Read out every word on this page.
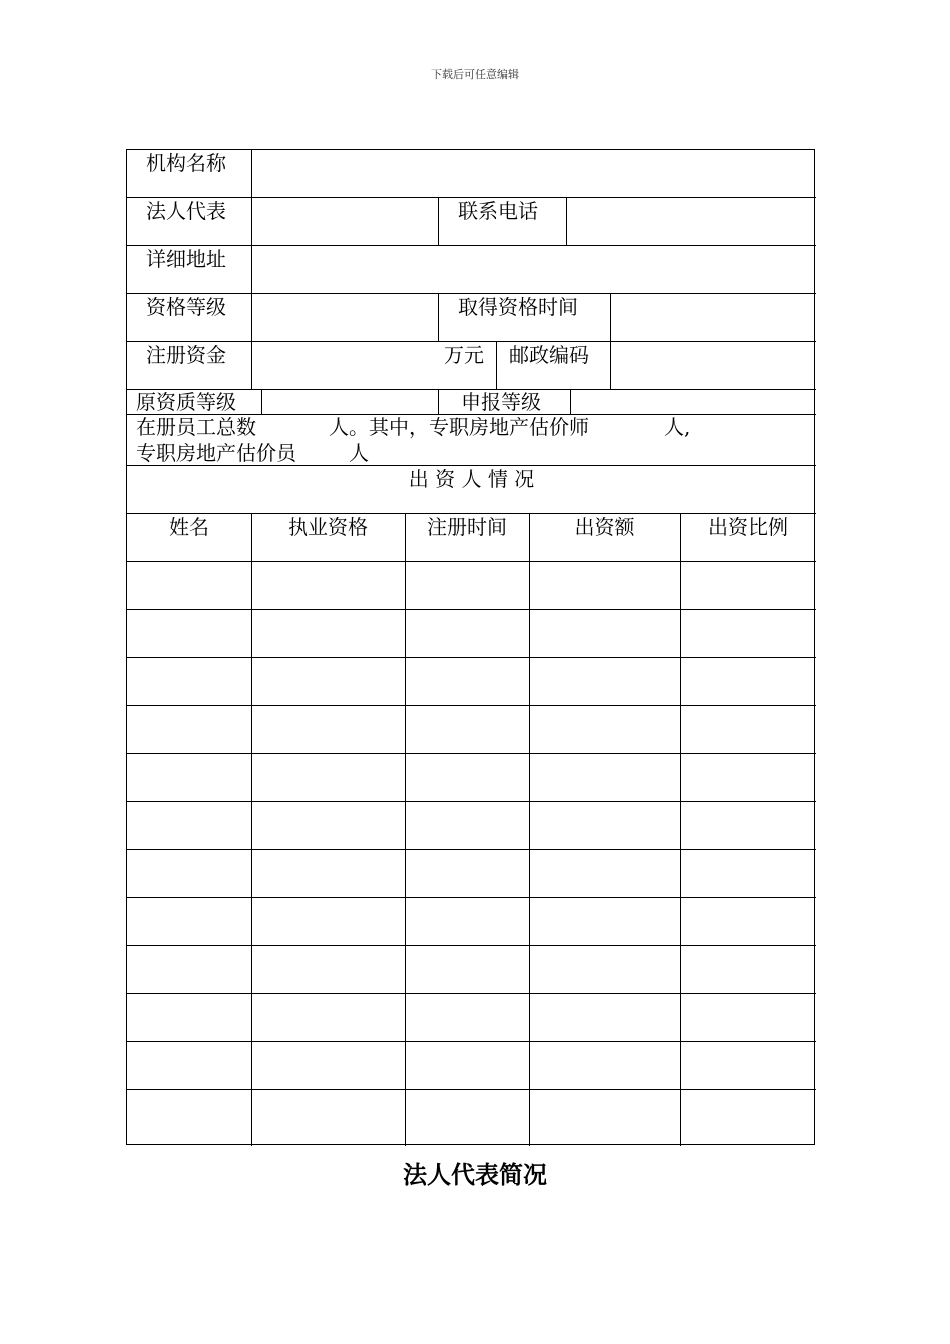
下载后可任意编辑
机构名称
法人代表	联系电话
详细地址
资格等级	取得资格时间
注册资金	万元 邮政编码
原资质等级	申报等级
在册员工总数	人。其中，专职房地产估价师	人,
专职房地产估价员	人
出 资 人 情 况
姓名	执业资格	注册时间	出资额	出资比例
法人代表简况
